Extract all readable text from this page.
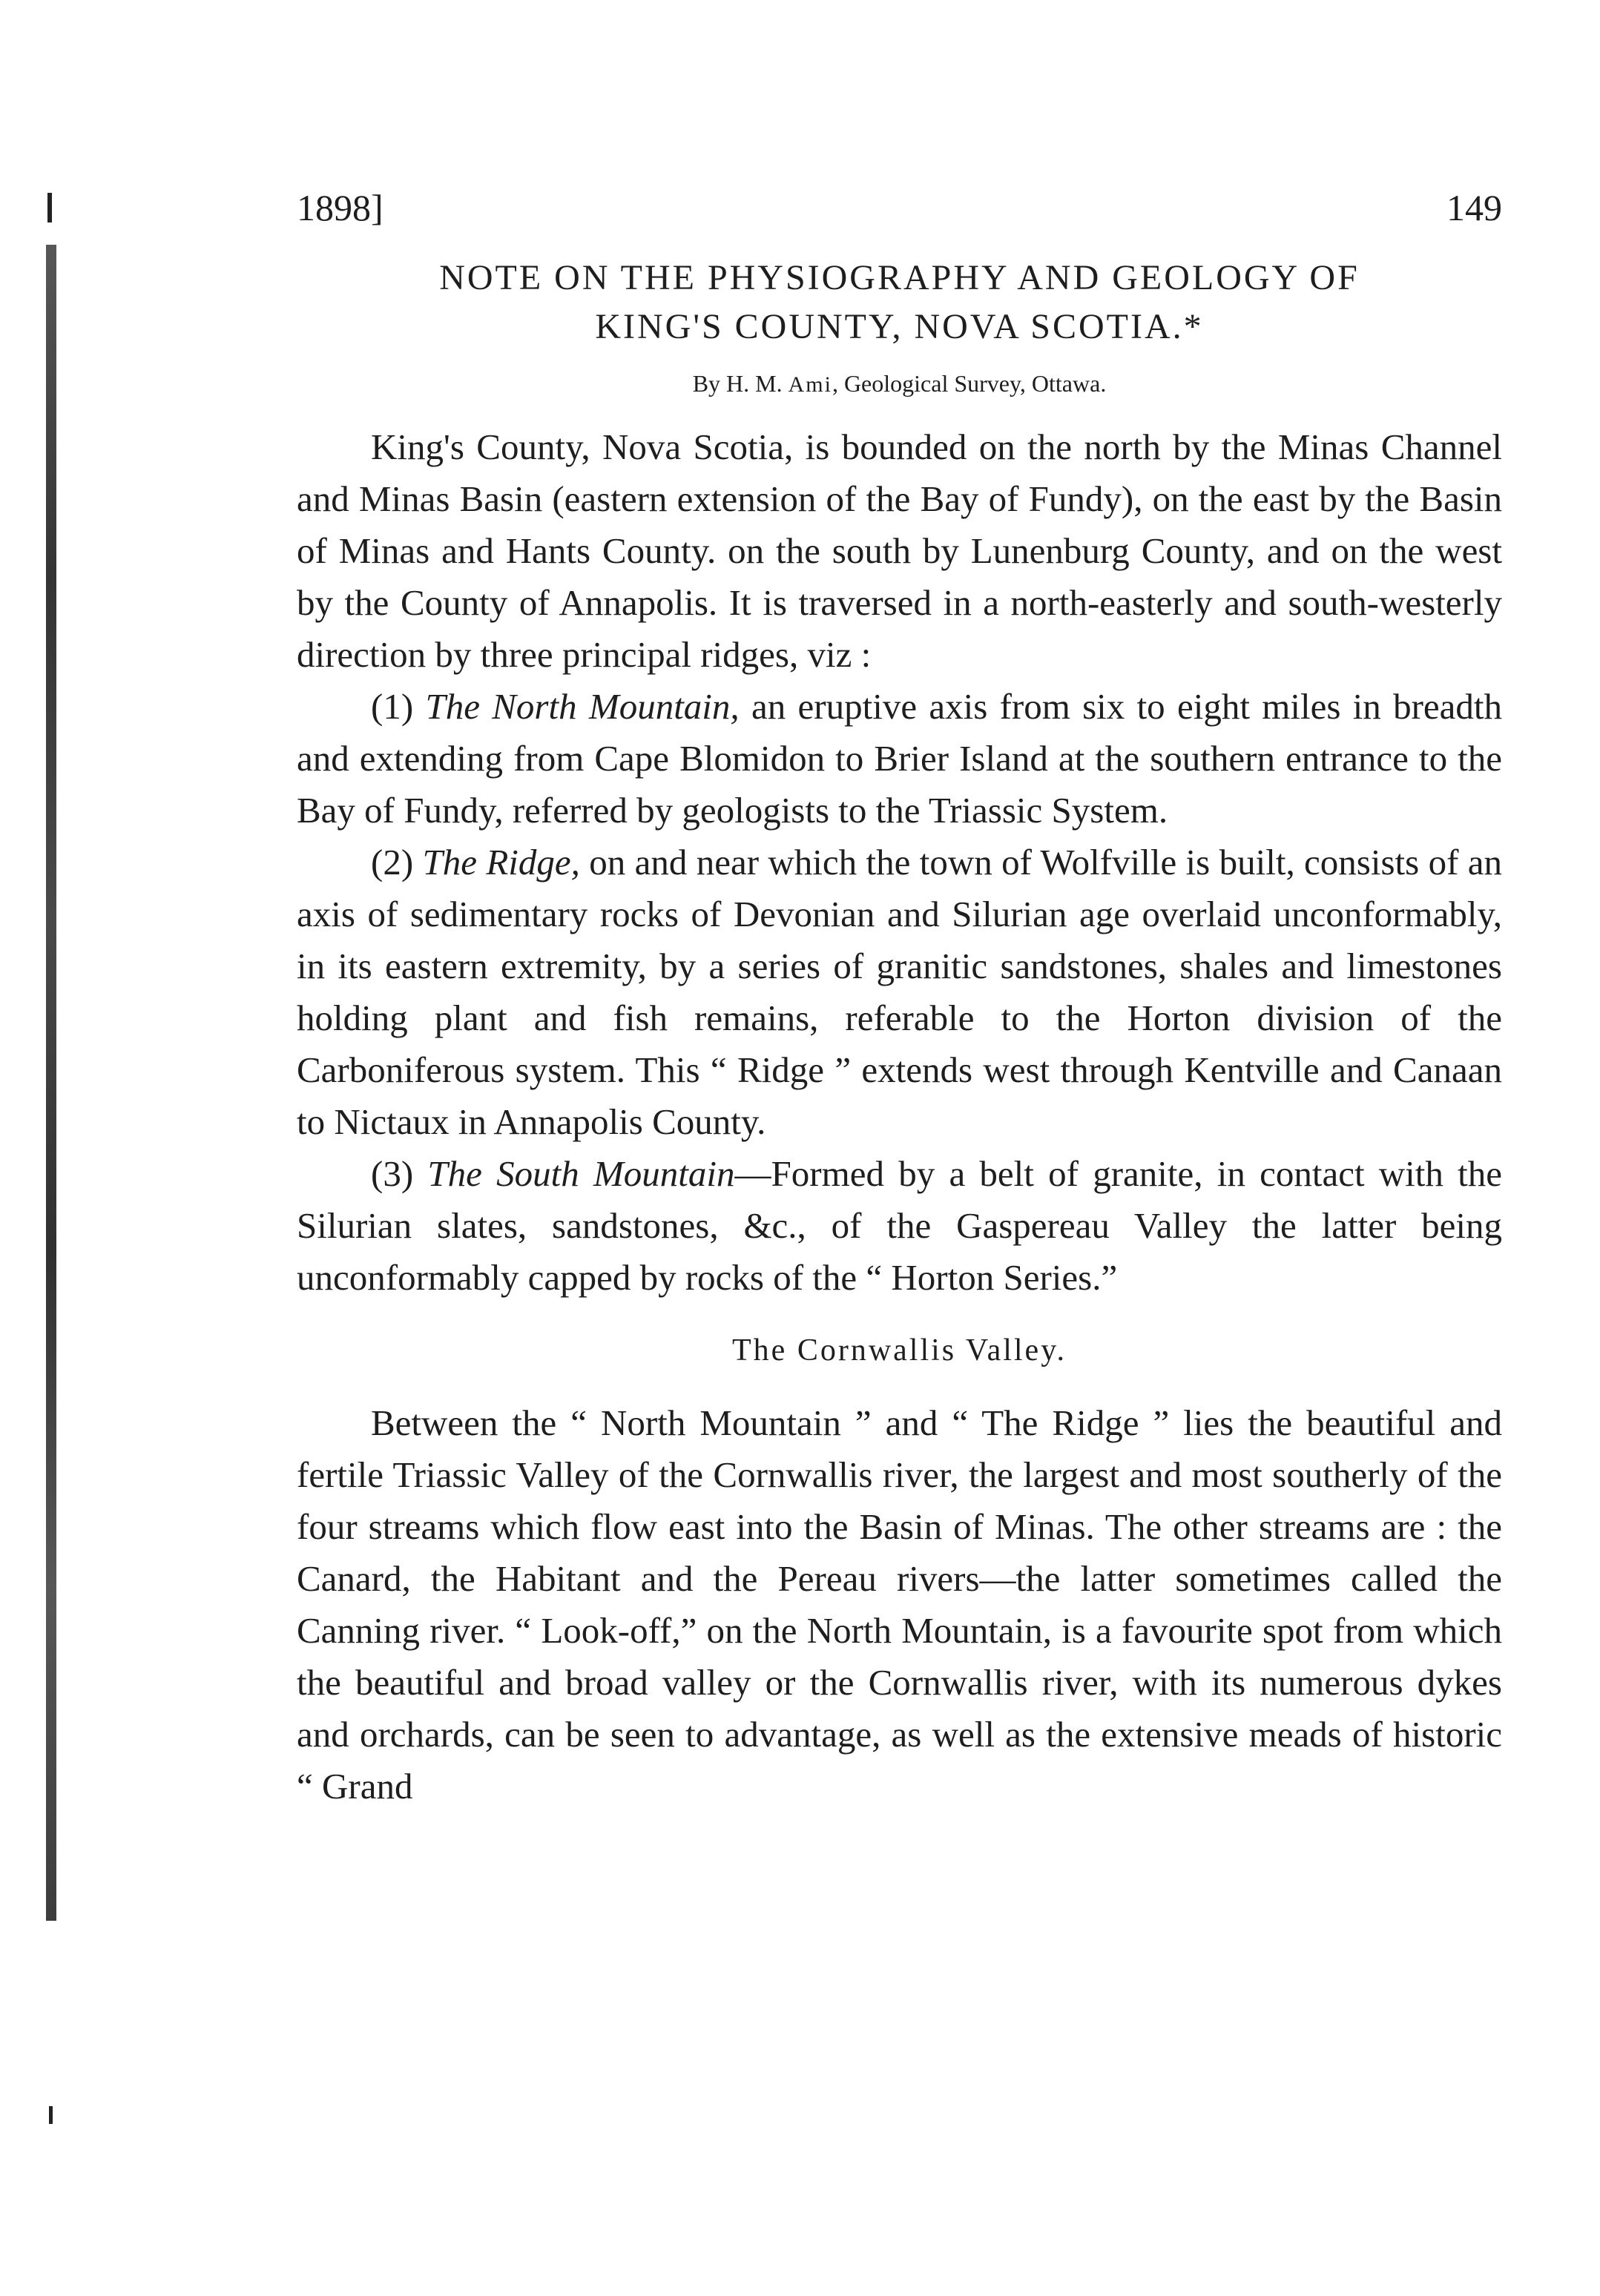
1898]	149
NOTE ON THE PHYSIOGRAPHY AND GEOLOGY OF
KING'S COUNTY, NOVA SCOTIA.*
By H. M. Ami, Geological Survey, Ottawa.

King's County, Nova Scotia, is bounded on the north by the Minas Channel and Minas Basin (eastern extension of the Bay of Fundy), on the east by the Basin of Minas and Hants County. on the south by Lunenburg County, and on the west by the County of Annapolis. It is traversed in a north-easterly and south-westerly direction by three principal ridges, viz :

(1) The North Mountain, an eruptive axis from six to eight miles in breadth and extending from Cape Blomidon to Brier Island at the southern entrance to the Bay of Fundy, referred by geologists to the Triassic System.

(2) The Ridge, on and near which the town of Wolfville is built, consists of an axis of sedimentary rocks of Devonian and Silurian age overlaid unconformably, in its eastern extremity, by a series of granitic sandstones, shales and limestones holding plant and fish remains, referable to the Horton division of the Carboniferous system. This “ Ridge ” extends west through Kentville and Canaan to Nictaux in Annapolis County.

(3) The South Mountain—Formed by a belt of granite, in contact with the Silurian slates, sandstones, &c., of the Gaspereau Valley the latter being unconformably capped by rocks of the “ Horton Series.”

The Cornwallis Valley.

Between the “ North Mountain ” and “ The Ridge ” lies the beautiful and fertile Triassic Valley of the Cornwallis river, the largest and most southerly of the four streams which flow east into the Basin of Minas. The other streams are : the Canard, the Habitant and the Pereau rivers—the latter sometimes called the Canning river. “ Look-off,” on the North Mountain, is a favourite spot from which the beautiful and broad valley or the Cornwallis river, with its numerous dykes and orchards, can be seen to advantage, as well as the extensive meads of historic “ Grand
